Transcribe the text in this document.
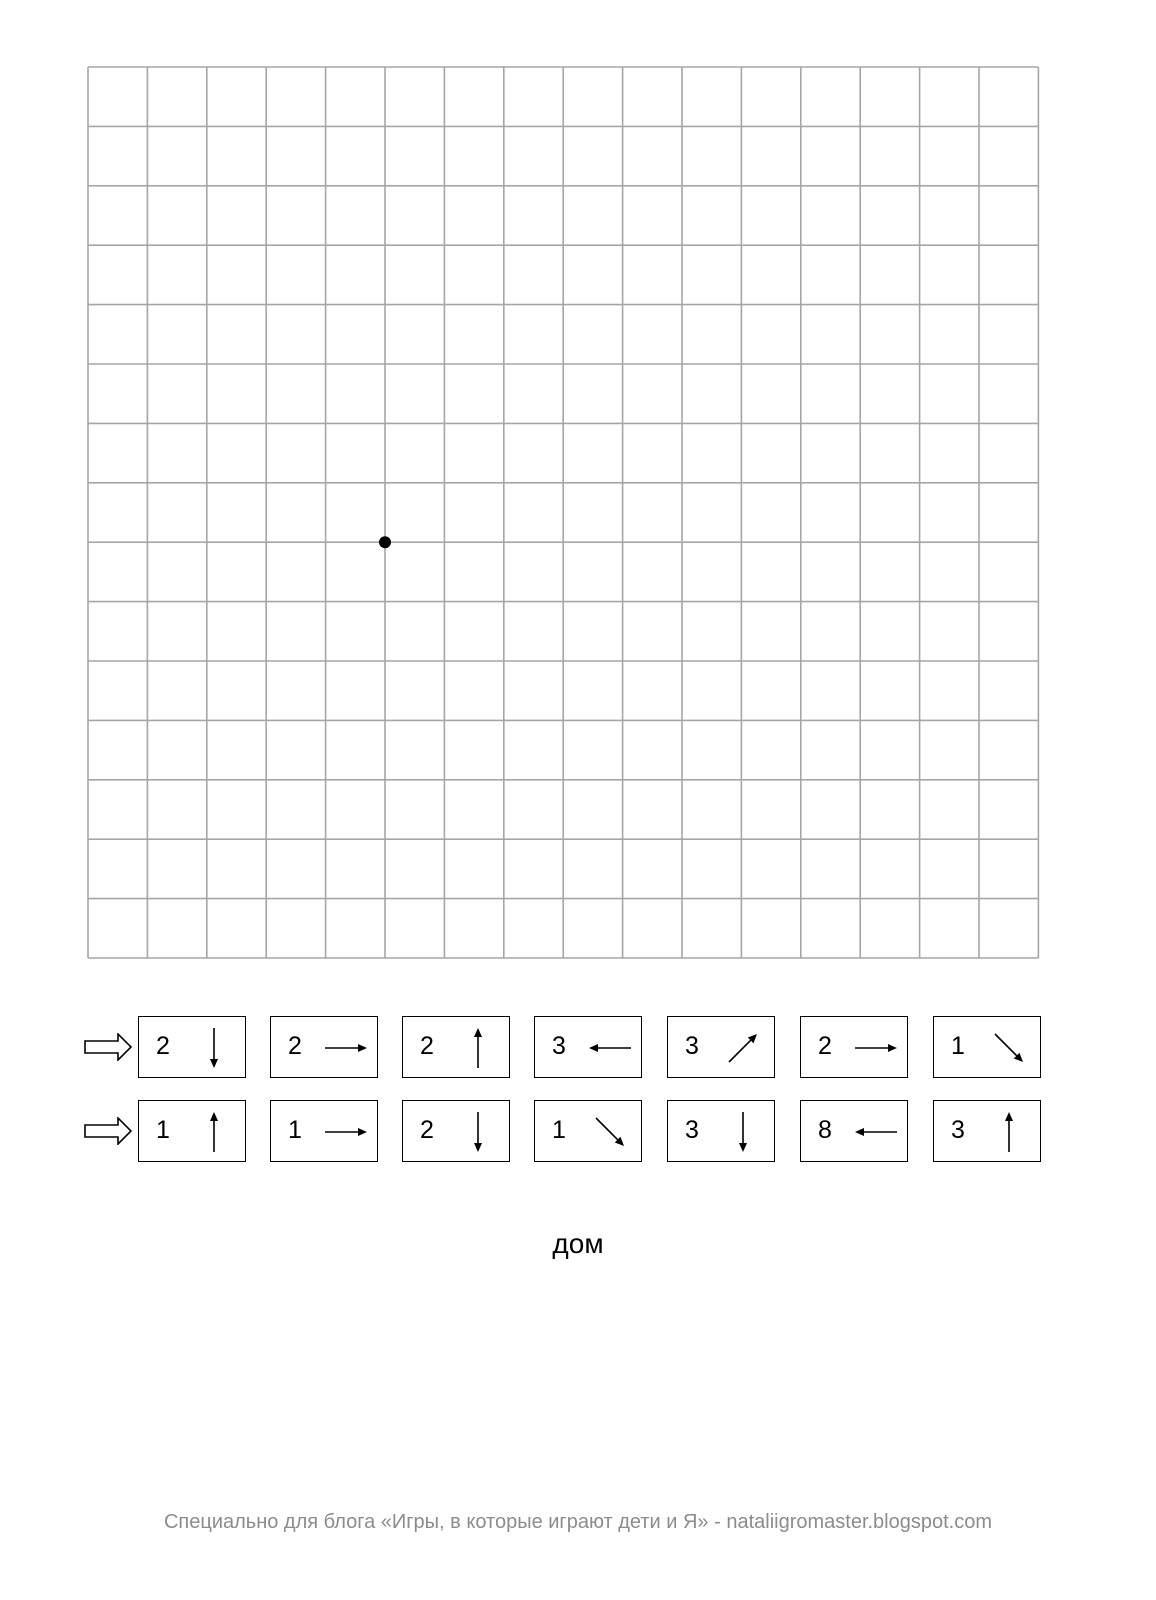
2	2	2	3	3	2	1
1	1	2	1	3	8	3
дом
Специально для блога «Игры, в которые играют дети и Я» - nataliigromaster.blogspot.com
